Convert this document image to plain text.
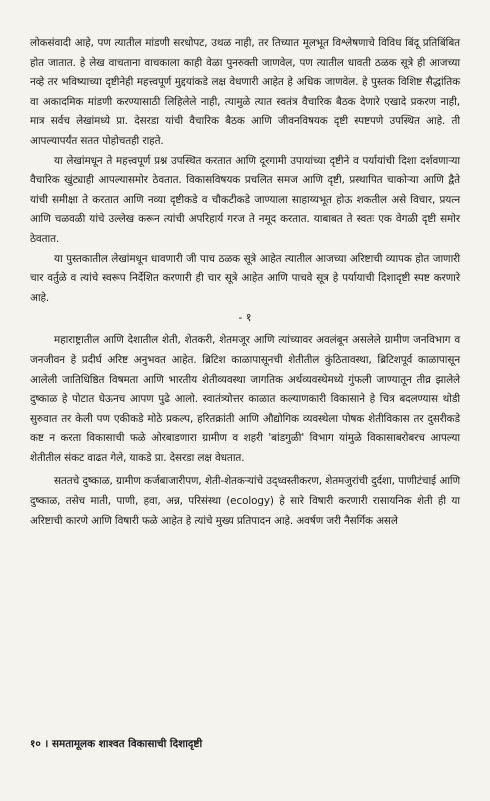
लोकसंवादी आहे, पण त्यातील मांडणी सरधोपट, उथळ नाही, तर तिच्यात मूलभूत विश्लेषणाचे विविध बिंदू प्रतिबिंबित होत जातात. हे लेख वाचताना वाचकाला काही वेळा पुनरुक्ती जाणवेल, पण त्यातील धावती ठळक सूत्रे ही आजच्या नव्हे तर भविष्याच्या दृष्टीनेही महत्त्वपूर्ण मुद्दयांकडे लक्ष वेधणारी आहेत हे अधिक जाणवेल. हे पुस्तक विशिष्ट सैद्धांतिक वा अकादमिक मांडणी करण्यासाठी लिहिलेले नाही, त्यामुळे त्यात स्वतंत्र वैचारिक बैठक देणारे एखादे प्रकरण नाही, मात्र सर्वच लेखांमध्ये प्रा. देसरडा यांची वैचारिक बैठक आणि जीवनविषयक दृष्टी स्पष्टपणे उपस्थित आहे. ती आपल्यापर्यंत सतत पोहोचतही राहते.

या लेखांमधून ते महत्त्वपूर्ण प्रश्न उपस्थित करतात आणि दूरगामी उपायांच्या दृष्टीने व पर्यायांची दिशा दर्शवणाऱ्या वैचारिक खुंट्याही आपल्यासमोर ठेवतात. विकासविषयक प्रचलित समज आणि दृष्टी, प्रस्थापित चाकोऱ्या आणि द्वैते यांची समीक्षा ते करतात आणि नव्या दृष्टीकडे व चौकटीकडे जाण्याला साहाय्यभूत होऊ शकतील असे विचार, प्रयत्न आणि चळवळी यांचे उल्लेख करून त्यांची अपरिहार्य गरज ते नमूद करतात. याबाबत ते स्वतः एक वेगळी दृष्टी समोर ठेवतात.

या पुस्तकातील लेखांमधून धावणारी जी पाच ठळक सूत्रे आहेत त्यातील आजच्या अरिष्टाची व्यापक होत जाणारी चार वर्तुळे व त्यांचे स्वरूप निर्देशित करणारी ही चार सूत्रे आहेत आणि पाचवे सूत्र हे पर्यायाची दिशादृष्टी स्पष्ट करणारे आहे.

- १

महाराष्ट्रातील आणि देशातील शेती, शेतकरी, शेतमजूर आणि त्यांच्यावर अवलंबून असलेले ग्रामीण जनविभाग व जनजीवन हे प्रदीर्घ अरिष्ट अनुभवत आहेत. ब्रिटिश काळापासूनची शेतीतील कुंठितावस्था, ब्रिटिशपूर्व काळापासून आलेली जातिधिष्ठित विषमता आणि भारतीय शेतीव्यवस्था जागतिक अर्थव्यवस्थेमध्ये गुंफली जाण्यातून तीव्र झालेले दुष्काळ हे पोटात घेऊनच आपण पुढे आलो. स्वातंत्र्योत्तर काळात कल्याणकारी विकासाने हे चित्र बदलण्यास थोडी सुरुवात तर केली पण एकीकडे मोठे प्रकल्प, हरितक्रांती आणि औद्योगिक व्यवस्थेला पोषक शेतीविकास तर दुसरीकडे कष्ट न करता विकासाची फळे ओरबाडणारा ग्रामीण व शहरी 'बांडगुळी' विभाग यांमुळे विकासाबरोबरच आपल्या शेतीतील संकट वाढत गेले, याकडे प्रा. देसरडा लक्ष वेधतात.

सततचे दुष्काळ, ग्रामीण कर्जबाजारीपण, शेती-शेतकऱ्यांचे उद्ध्वस्तीकरण, शेतमजुरांची दुर्दशा, पाणीटंचाई आणि दुष्काळ, तसेच माती, पाणी, हवा, अन्न, परिसंस्था (ecology) हे सारे विषारी करणारी रासायनिक शेती ही या अरिष्टाची कारणे आणि विषारी फळे आहेत हे त्यांचे मुख्य प्रतिपादन आहे. अवर्षण जरी नैसर्गिक असले

१० । समतामूलक शाश्वत विकासाची दिशादृष्टी
